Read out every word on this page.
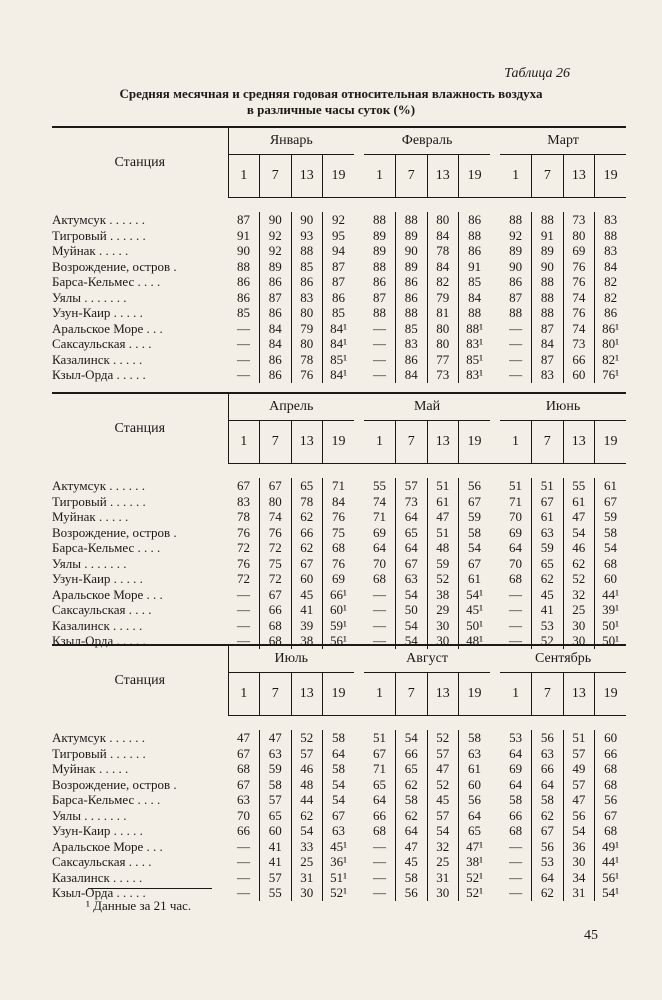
Таблица 26
Средняя месячная и средняя годовая относительная влажность воздуха
в различные часы суток (%)
Станция	Январь					Февраль					Март			
	1	7	13	19		1	7	13	19		1	7	13	19

Актумсук . . . . . .	87	90	90	92		88	88	80	86		88	88	73	83
Тигровый . . . . . .	91	92	93	95		89	89	84	88		92	91	80	88
Муйнак . . . . .	90	92	88	94		89	90	78	86		89	89	69	83
Возрождение, остров .	88	89	85	87		88	89	84	91		90	90	76	84
Барса-Кельмес . . . .	86	86	86	87		86	86	82	85		86	88	76	82
Уялы . . . . . . .	86	87	83	86		87	86	79	84		87	88	74	82
Узун-Каир . . . . .	85	86	80	85		88	88	81	88		88	88	76	86
Аральское Море . . .	—	84	79	84¹		—	85	80	88¹		—	87	74	86¹
Саксаульская . . . .	—	84	80	84¹		—	83	80	83¹		—	84	73	80¹
Казалинск . . . . .	—	86	78	85¹		—	86	77	85¹		—	87	66	82¹
Кзыл-Орда . . . . .	—	86	76	84¹		—	84	73	83¹		—	83	60	76¹
Станция	Апрель					Май					Июнь			
	1	7	13	19		1	7	13	19		1	7	13	19

Актумсук . . . . . .	67	67	65	71		55	57	51	56		51	51	55	61
Тигровый . . . . . .	83	80	78	84		74	73	61	67		71	67	61	67
Муйнак . . . . .	78	74	62	76		71	64	47	59		70	61	47	59
Возрождение, остров .	76	76	66	75		69	65	51	58		69	63	54	58
Барса-Кельмес . . . .	72	72	62	68		64	64	48	54		64	59	46	54
Уялы . . . . . . .	76	75	67	76		70	67	59	67		70	65	62	68
Узун-Каир . . . . .	72	72	60	69		68	63	52	61		68	62	52	60
Аральское Море . . .	—	67	45	66¹		—	54	38	54¹		—	45	32	44¹
Саксаульская . . . .	—	66	41	60¹		—	50	29	45¹		—	41	25	39¹
Казалинск . . . . .	—	68	39	59¹		—	54	30	50¹		—	53	30	50¹
Кзыл-Орда . . . . .	—	68	38	56¹		—	54	30	48¹		—	52	30	50¹
Станция	Июль					Август					Сентябрь			
	1	7	13	19		1	7	13	19		1	7	13	19

Актумсук . . . . . .	47	47	52	58		51	54	52	58		53	56	51	60
Тигровый . . . . . .	67	63	57	64		67	66	57	63		64	63	57	66
Муйнак . . . . .	68	59	46	58		71	65	47	61		69	66	49	68
Возрождение, остров .	67	58	48	54		65	62	52	60		64	64	57	68
Барса-Кельмес . . . .	63	57	44	54		64	58	45	56		58	58	47	56
Уялы . . . . . . .	70	65	62	67		66	62	57	64		66	62	56	67
Узун-Каир . . . . .	66	60	54	63		68	64	54	65		68	67	54	68
Аральское Море . . .	—	41	33	45¹		—	47	32	47¹		—	56	36	49¹
Саксаульская . . . .	—	41	25	36¹		—	45	25	38¹		—	53	30	44¹
Казалинск . . . . .	—	57	31	51¹		—	58	31	52¹		—	64	34	56¹
Кзыл-Орда . . . . .	—	55	30	52¹		—	56	30	52¹		—	62	31	54¹
¹ Данные за 21 час.
45
